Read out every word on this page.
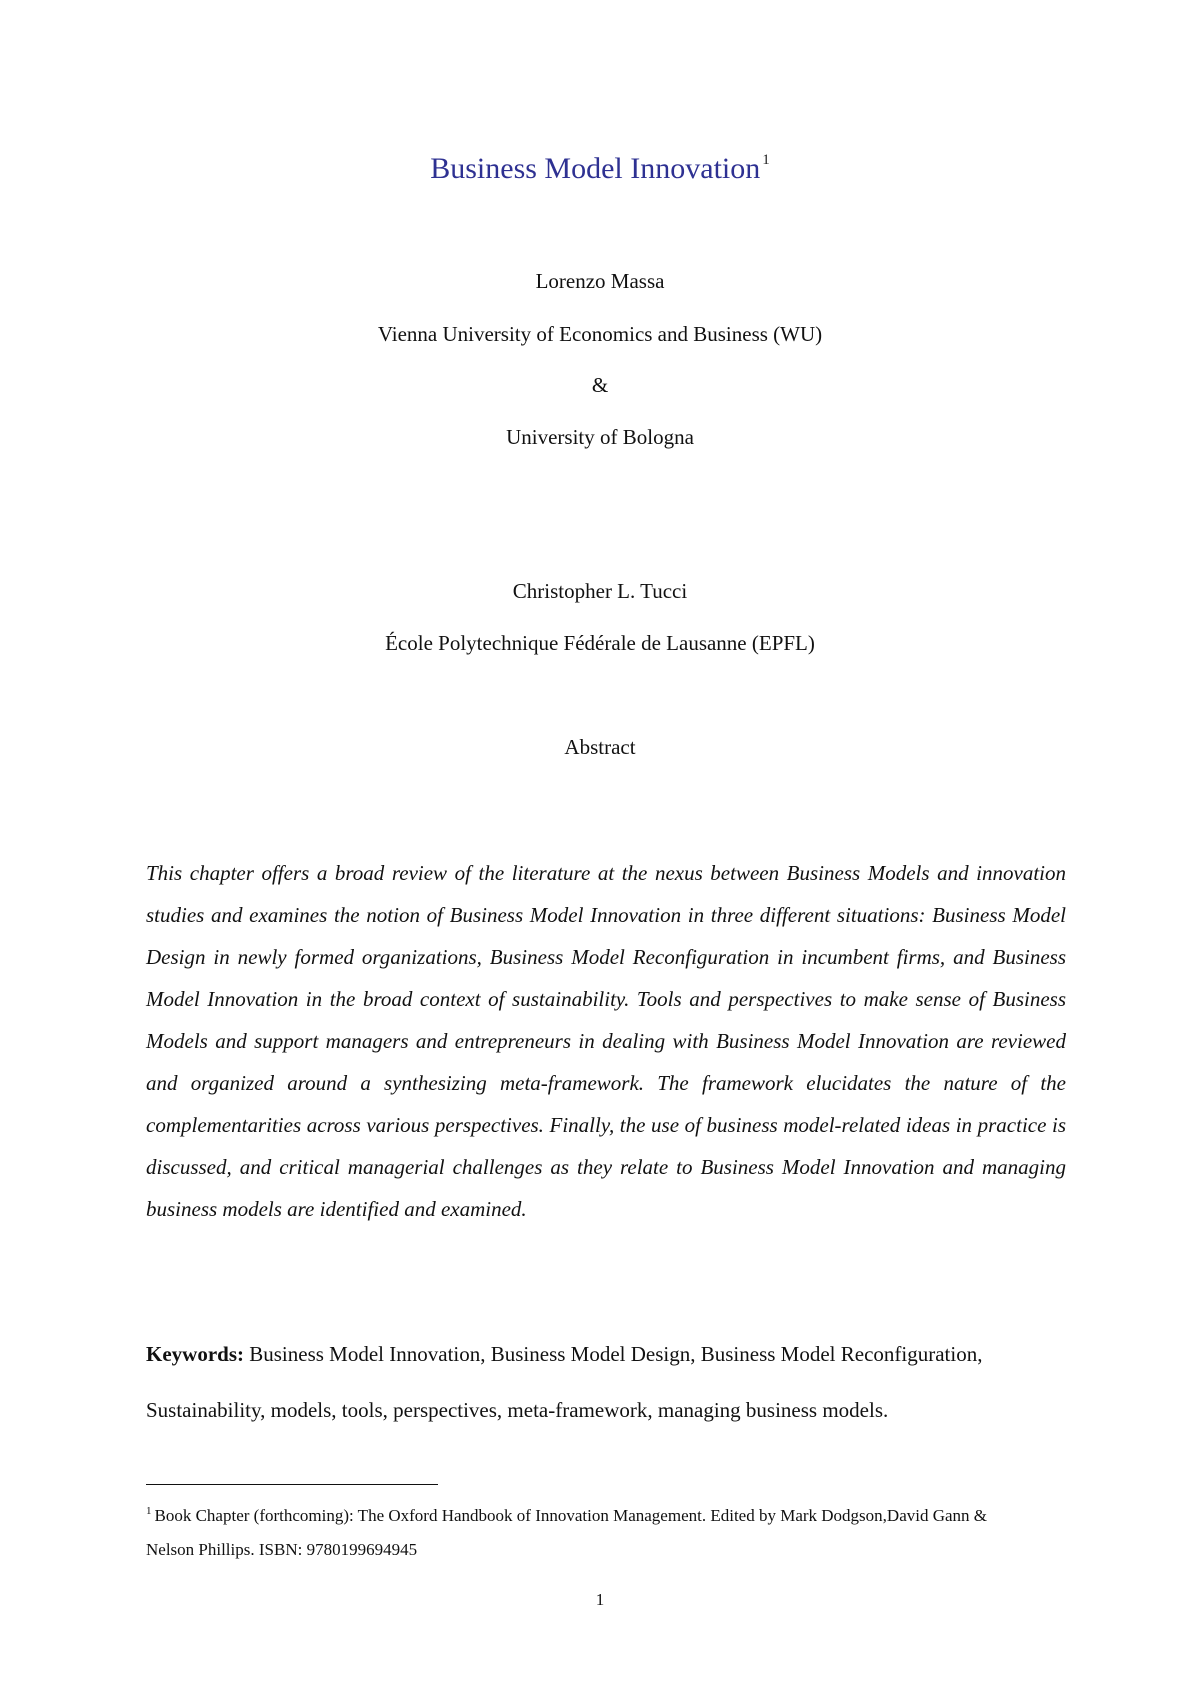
Business Model Innovation $^1$
Lorenzo Massa
Vienna University of Economics and Business (WU)
&
University of Bologna
Christopher L. Tucci
École Polytechnique Fédérale de Lausanne (EPFL)
Abstract
This chapter offers a broad review of the literature at the nexus between Business Models and innovation studies and examines the notion of Business Model Innovation in three different situations: Business Model Design in newly formed organizations, Business Model Reconfiguration in incumbent firms, and Business Model Innovation in the broad context of sustainability. Tools and perspectives to make sense of Business Models and support managers and entrepreneurs in dealing with Business Model Innovation are reviewed and organized around a synthesizing meta-framework. The framework elucidates the nature of the complementarities across various perspectives. Finally, the use of business model-related ideas in practice is discussed, and critical managerial challenges as they relate to Business Model Innovation and managing business models are identified and examined.
Keywords: Business Model Innovation, Business Model Design, Business Model Reconfiguration, Sustainability, models, tools, perspectives, meta-framework, managing business models.
$^1$ Book Chapter (forthcoming): The Oxford Handbook of Innovation Management. Edited by Mark Dodgson,David Gann & Nelson Phillips. ISBN: 9780199694945
1
